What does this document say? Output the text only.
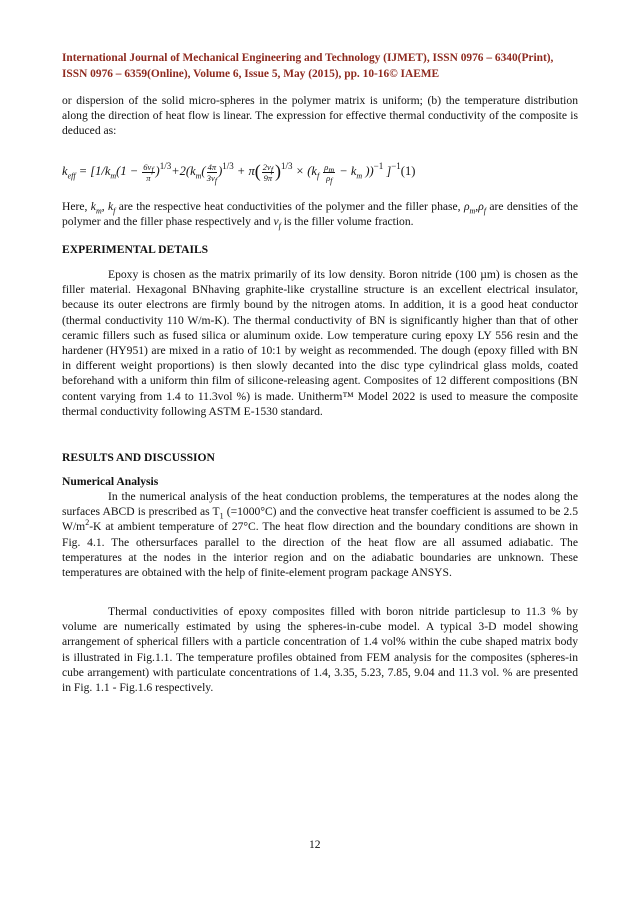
International Journal of Mechanical Engineering and Technology (IJMET), ISSN 0976 – 6340(Print),
ISSN 0976 – 6359(Online), Volume 6, Issue 5, May (2015), pp. 10-16© IAEME
or dispersion of the solid micro-spheres in the polymer matrix is uniform; (b) the temperature distribution along the direction of heat flow is linear. The expression for effective thermal conductivity of the composite is deduced as:
$k_{eff} = [1/k_m(1 - \frac{6v_f}{\pi} )^{1/3}+2(k_m( \frac{4\pi}{3v_f} )^{1/3} + \pi( \frac{2v_f}{9\pi} )^{1/3} \times (k_f \frac{\rho_m}{\rho_f} - k_m$ ))$^{-1}$ ]$^{-1}$(1)
Here, $k_m$, $k_f$ are the respective heat conductivities of the polymer and the filler phase, $\rho_m,\rho_f$ are densities of the polymer and the filler phase respectively and $v_f$ is the filler volume fraction.
EXPERIMENTAL DETAILS
Epoxy is chosen as the matrix primarily of its low density. Boron nitride (100 µm) is chosen as the filler material. Hexagonal BNhaving graphite-like crystalline structure is an excellent electrical insulator, because its outer electrons are firmly bound by the nitrogen atoms. In addition, it is a good heat conductor (thermal conductivity 110 W/m-K). The thermal conductivity of BN is significantly higher than that of other ceramic fillers such as fused silica or aluminum oxide. Low temperature curing epoxy LY 556 resin and the hardener (HY951) are mixed in a ratio of 10:1 by weight as recommended. The dough (epoxy filled with BN in different weight proportions) is then slowly decanted into the disc type cylindrical glass molds, coated beforehand with a uniform thin film of silicone-releasing agent. Composites of 12 different compositions (BN content varying from 1.4 to 11.3vol %) is made. Unitherm™ Model 2022 is used to measure the composite thermal conductivity following ASTM E-1530 standard.
RESULTS AND DISCUSSION
Numerical Analysis
In the numerical analysis of the heat conduction problems, the temperatures at the nodes along the surfaces ABCD is prescribed as $T_1$ (=1000°C) and the convective heat transfer coefficient is assumed to be 2.5 $W/m^2-K$ at ambient temperature of 27°C. The heat flow direction and the boundary conditions are shown in Fig. 4.1. The othersurfaces parallel to the direction of the heat flow are all assumed adiabatic. The temperatures at the nodes in the interior region and on the adiabatic boundaries are unknown. These temperatures are obtained with the help of finite-element program package ANSYS.
Thermal conductivities of epoxy composites filled with boron nitride particlesup to 11.3 % by volume are numerically estimated by using the spheres-in-cube model. A typical 3-D model showing arrangement of spherical fillers with a particle concentration of 1.4 vol% within the cube shaped matrix body is illustrated in Fig.1.1. The temperature profiles obtained from FEM analysis for the composites (spheres-in cube arrangement) with particulate concentrations of 1.4, 3.35, 5.23, 7.85, 9.04 and 11.3 vol. % are presented in Fig. 1.1 - Fig.1.6 respectively.
12
